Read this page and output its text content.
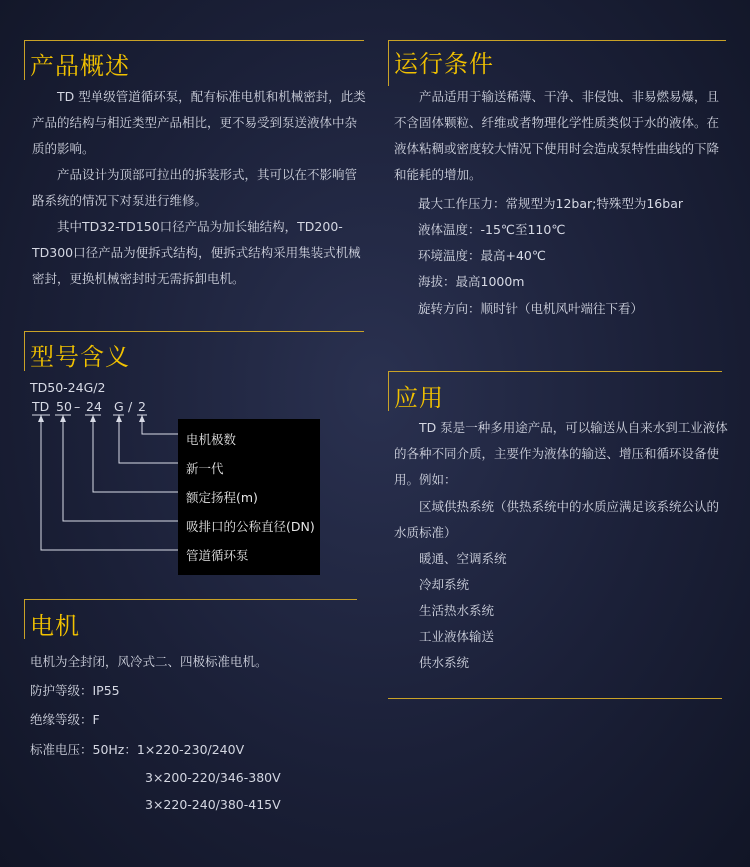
产品概述
TD 型单级管道循环泵，配有标准电机和机械密封，此类产品的结构与相近类型产品相比，更不易受到泵送液体中杂质的影响。
产品设计为顶部可拉出的拆装形式，其可以在不影响管路系统的情况下对泵进行维修。
其中TD32-TD150口径产品为加长轴结构，TD200-TD300口径产品为便拆式结构，便拆式结构采用集装式机械密封，更换机械密封时无需拆卸电机。
型号含义
TD50-24G/2
TD 50 – 24 G / 2
电机极数
新一代
额定扬程(m)
吸排口的公称直径(DN)
管道循环泵
电机
电机为全封闭，风冷式二、四极标准电机。
防护等级：IP55
绝缘等级：F
标准电压：50Hz：1×220-230/240V
3×200-220/346-380V
3×220-240/380-415V
运行条件
产品适用于输送稀薄、干净、非侵蚀、非易燃易爆，且不含固体颗粒、纤维或者物理化学性质类似于水的液体。在液体粘稠或密度较大情况下使用时会造成泵特性曲线的下降和能耗的增加。
最大工作压力：常规型为12bar;特殊型为16bar
液体温度：-15℃至110℃
环境温度：最高+40℃
海拔：最高1000m
旋转方向：顺时针（电机风叶端往下看）
应用
TD 泵是一种多用途产品，可以输送从自来水到工业液体的各种不同介质，主要作为液体的输送、增压和循环设备使用。例如：
区域供热系统（供热系统中的水质应满足该系统公认的水质标准）
暖通、空调系统
冷却系统
生活热水系统
工业液体输送
供水系统
